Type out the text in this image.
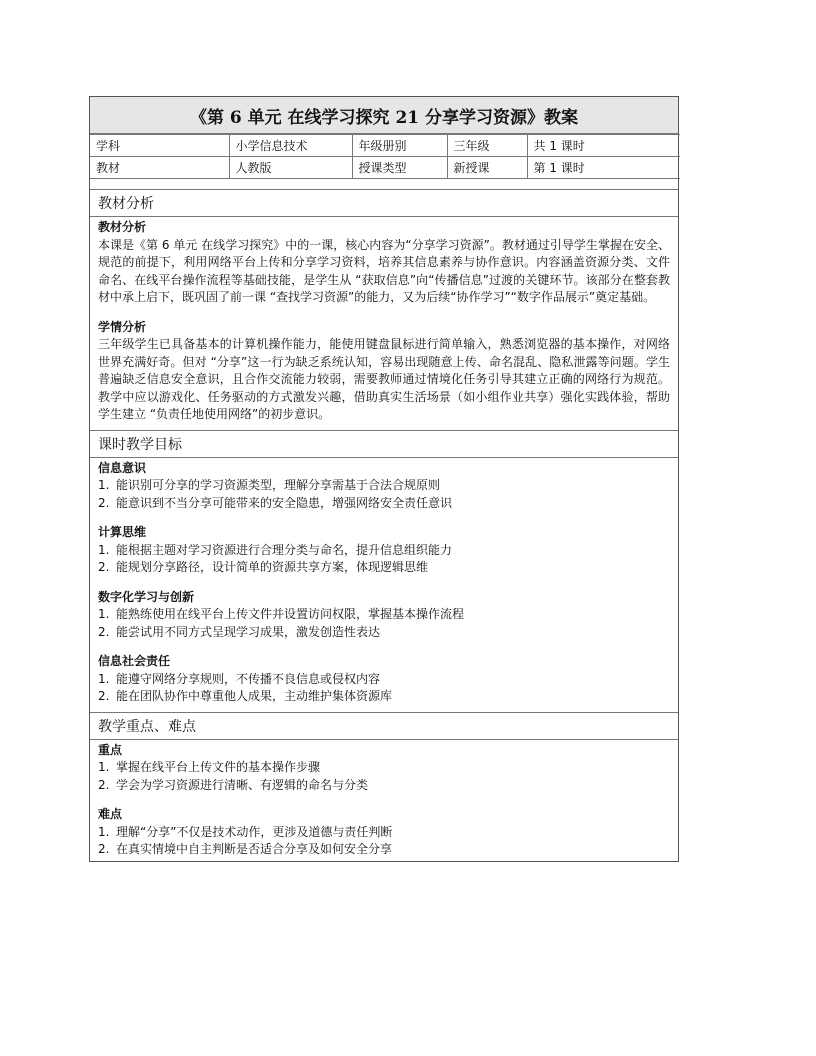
《第 6 单元 在线学习探究 21 分享学习资源》教案
学科	小学信息技术	年级册别	三年级	共 1 课时
教材	人教版	授课类型	新授课	第 1 课时
教材分析
教材分析
本课是《第 6 单元 在线学习探究》中的一课，核心内容为“分享学习资源”。教材通过引导学生掌握在安全、规范的前提下，利用网络平台上传和分享学习资料，培养其信息素养与协作意识。内容涵盖资源分类、文件命名、在线平台操作流程等基础技能，是学生从 “获取信息”向“传播信息”过渡的关键环节。该部分在整套教材中承上启下，既巩固了前一课 “查找学习资源”的能力，又为后续“协作学习”“数字作品展示”奠定基础。
学情分析
三年级学生已具备基本的计算机操作能力，能使用键盘鼠标进行简单输入，熟悉浏览器的基本操作，对网络世界充满好奇。但对 “分享”这一行为缺乏系统认知，容易出现随意上传、命名混乱、隐私泄露等问题。学生普遍缺乏信息安全意识，且合作交流能力较弱，需要教师通过情境化任务引导其建立正确的网络行为规范。教学中应以游戏化、任务驱动的方式激发兴趣，借助真实生活场景（如小组作业共享）强化实践体验，帮助学生建立 “负责任地使用网络”的初步意识。
课时教学目标
信息意识
1. 能识别可分享的学习资源类型，理解分享需基于合法合规原则
2. 能意识到不当分享可能带来的安全隐患，增强网络安全责任意识
计算思维
1. 能根据主题对学习资源进行合理分类与命名，提升信息组织能力
2. 能规划分享路径，设计简单的资源共享方案，体现逻辑思维
数字化学习与创新
1. 能熟练使用在线平台上传文件并设置访问权限，掌握基本操作流程
2. 能尝试用不同方式呈现学习成果，激发创造性表达
信息社会责任
1. 能遵守网络分享规则，不传播不良信息或侵权内容
2. 能在团队协作中尊重他人成果，主动维护集体资源库
教学重点、难点
重点
1. 掌握在线平台上传文件的基本操作步骤
2. 学会为学习资源进行清晰、有逻辑的命名与分类
难点
1. 理解“分享”不仅是技术动作，更涉及道德与责任判断
2. 在真实情境中自主判断是否适合分享及如何安全分享
